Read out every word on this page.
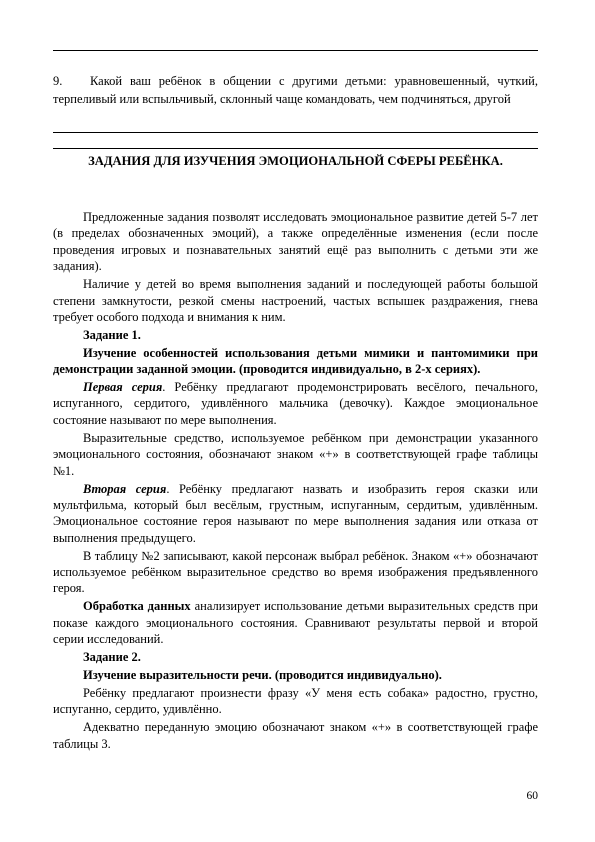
9. Какой ваш ребёнок в общении с другими детьми: уравновешенный, чуткий, терпеливый или вспыльчивый, склонный чаще командовать, чем подчиняться, другой
ЗАДАНИЯ ДЛЯ ИЗУЧЕНИЯ ЭМОЦИОНАЛЬНОЙ СФЕРЫ РЕБЁНКА.

Предложенные задания позволят исследовать эмоциональное развитие детей 5-7 лет (в пределах обозначенных эмоций), а также определённые изменения (если после проведения игровых и познавательных занятий ещё раз выполнить с детьми эти же задания).

Наличие у детей во время выполнения заданий и последующей работы большой степени замкнутости, резкой смены настроений, частых вспышек раздражения, гнева требует особого подхода и внимания к ним.

Задание 1.

Изучение особенностей использования детьми мимики и пантомимики при демонстрации заданной эмоции. (проводится индивидуально, в 2-х сериях).

Первая серия. Ребёнку предлагают продемонстрировать весёлого, печального, испуганного, сердитого, удивлённого мальчика (девочку). Каждое эмоциональное состояние называют по мере выполнения.

Выразительные средство, используемое ребёнком при демонстрации указанного эмоционального состояния, обозначают знаком «+» в соответствующей графе таблицы №1.

Вторая серия. Ребёнку предлагают назвать и изобразить героя сказки или мультфильма, который был весёлым, грустным, испуганным, сердитым, удивлённым. Эмоциональное состояние героя называют по мере выполнения задания или отказа от выполнения предыдущего.

В таблицу №2 записывают, какой персонаж выбрал ребёнок. Знаком «+» обозначают используемое ребёнком выразительное средство во время изображения предъявленного героя.

Обработка данных анализирует использование детьми выразительных средств при показе каждого эмоционального состояния. Сравнивают результаты первой и второй серии исследований.

Задание 2.

Изучение выразительности речи. (проводится индивидуально).

Ребёнку предлагают произнести фразу «У меня есть собака» радостно, грустно, испуганно, сердито, удивлённо.

Адекватно переданную эмоцию обозначают знаком «+» в соответствующей графе таблицы 3.

60
